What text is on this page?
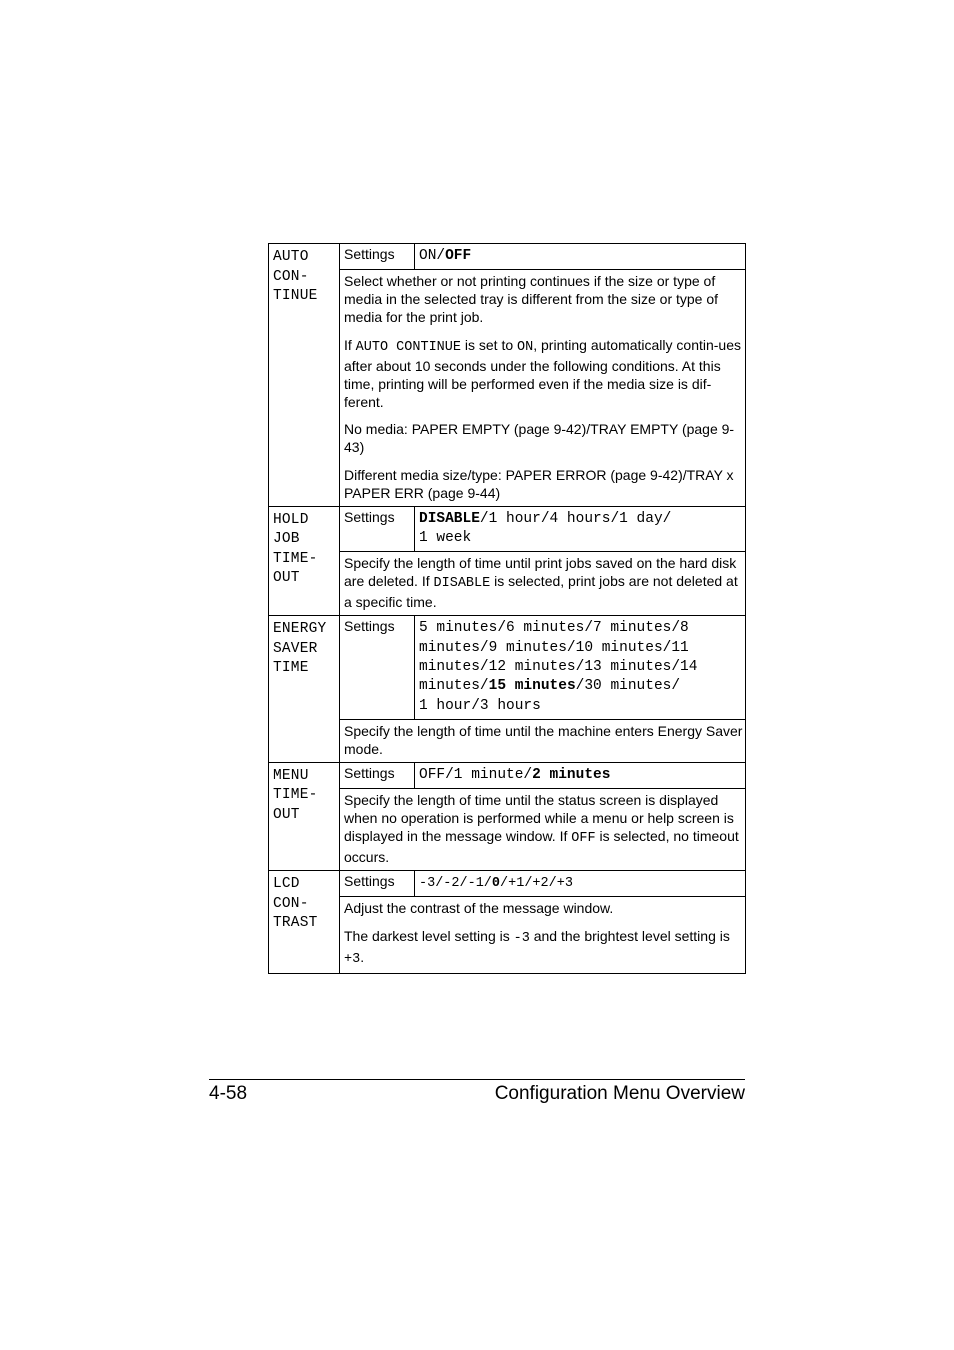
AUTO
CON-
TINUE	Settings	ON/OFF

	Select whether or not printing continues if the size or type of media in the selected tray is different from the size or type of media for the print job.

If AUTO CONTINUE is set to ON, printing automatically contin-ues after about 10 seconds under the following conditions. At this time, printing will be performed even if the media size is dif-ferent.

No media: PAPER EMPTY (page 9-42)/TRAY EMPTY (page 9-43)

Different media size/type: PAPER ERROR (page 9-42)/TRAY x PAPER ERR (page 9-44)	

HOLD
JOB
TIME-
OUT	Settings	DISABLE/1 hour/4 hours/1 day/
1 week

	Specify the length of time until print jobs saved on the hard disk are deleted. If DISABLE is selected, print jobs are not deleted at a specific time.	

ENERGY
SAVER
TIME	Settings	5 minutes/6 minutes/7 minutes/8
minutes/9 minutes/10 minutes/11
minutes/12 minutes/13 minutes/14
minutes/15 minutes/30 minutes/
1 hour/3 hours

	Specify the length of time until the machine enters Energy Saver mode.	

MENU
TIME-
OUT	Settings	OFF/1 minute/2 minutes

	Specify the length of time until the status screen is displayed when no operation is performed while a menu or help screen is displayed in the message window. If OFF is selected, no timeout occurs.	

LCD
CON-
TRAST	Settings	-3/-2/-1/0/+1/+2/+3

	Adjust the contrast of the message window.

The darkest level setting is -3 and the brightest level setting is +3.	

4-58	Configuration Menu Overview
